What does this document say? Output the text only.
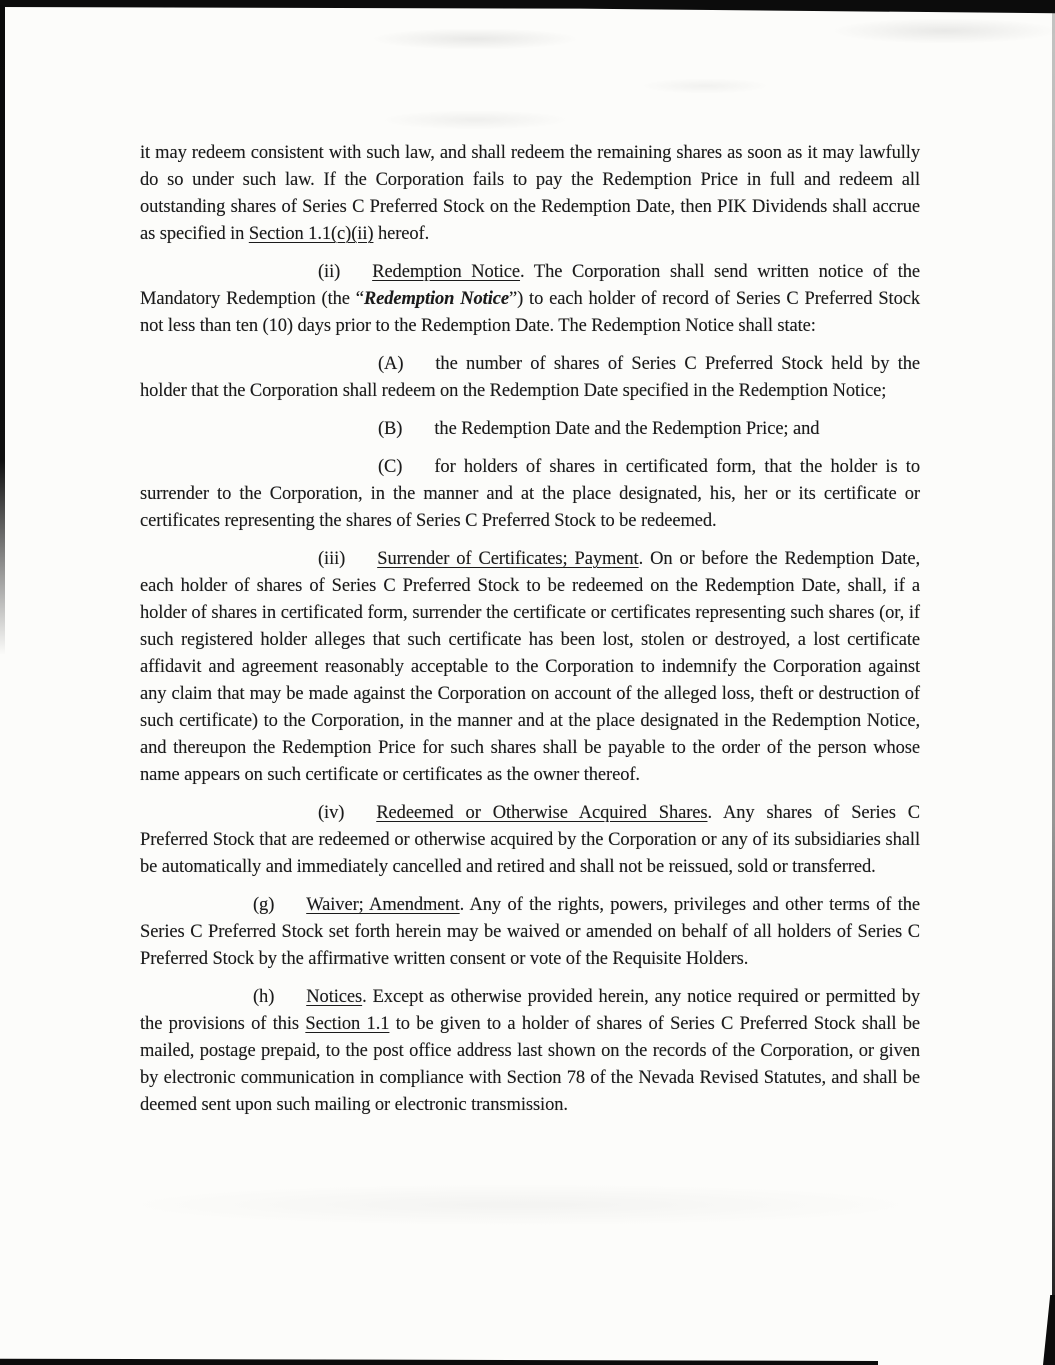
it may redeem consistent with such law, and shall redeem the remaining shares as soon as it may lawfully do so under such law. If the Corporation fails to pay the Redemption Price in full and redeem all outstanding shares of Series C Preferred Stock on the Redemption Date, then PIK Dividends shall accrue as specified in Section 1.1(c)(ii) hereof.

(ii) Redemption Notice. The Corporation shall send written notice of the Mandatory Redemption (the “Redemption Notice”) to each holder of record of Series C Preferred Stock not less than ten (10) days prior to the Redemption Date. The Redemption Notice shall state:

(A) the number of shares of Series C Preferred Stock held by the holder that the Corporation shall redeem on the Redemption Date specified in the Redemption Notice;

(B) the Redemption Date and the Redemption Price; and

(C) for holders of shares in certificated form, that the holder is to surrender to the Corporation, in the manner and at the place designated, his, her or its certificate or certificates representing the shares of Series C Preferred Stock to be redeemed.

(iii) Surrender of Certificates; Payment. On or before the Redemption Date, each holder of shares of Series C Preferred Stock to be redeemed on the Redemption Date, shall, if a holder of shares in certificated form, surrender the certificate or certificates representing such shares (or, if such registered holder alleges that such certificate has been lost, stolen or destroyed, a lost certificate affidavit and agreement reasonably acceptable to the Corporation to indemnify the Corporation against any claim that may be made against the Corporation on account of the alleged loss, theft or destruction of such certificate) to the Corporation, in the manner and at the place designated in the Redemption Notice, and thereupon the Redemption Price for such shares shall be payable to the order of the person whose name appears on such certificate or certificates as the owner thereof.

(iv) Redeemed or Otherwise Acquired Shares. Any shares of Series C Preferred Stock that are redeemed or otherwise acquired by the Corporation or any of its subsidiaries shall be automatically and immediately cancelled and retired and shall not be reissued, sold or transferred.

(g) Waiver; Amendment. Any of the rights, powers, privileges and other terms of the Series C Preferred Stock set forth herein may be waived or amended on behalf of all holders of Series C Preferred Stock by the affirmative written consent or vote of the Requisite Holders.

(h) Notices. Except as otherwise provided herein, any notice required or permitted by the provisions of this Section 1.1 to be given to a holder of shares of Series C Preferred Stock shall be mailed, postage prepaid, to the post office address last shown on the records of the Corporation, or given by electronic communication in compliance with Section 78 of the Nevada Revised Statutes, and shall be deemed sent upon such mailing or electronic transmission.
